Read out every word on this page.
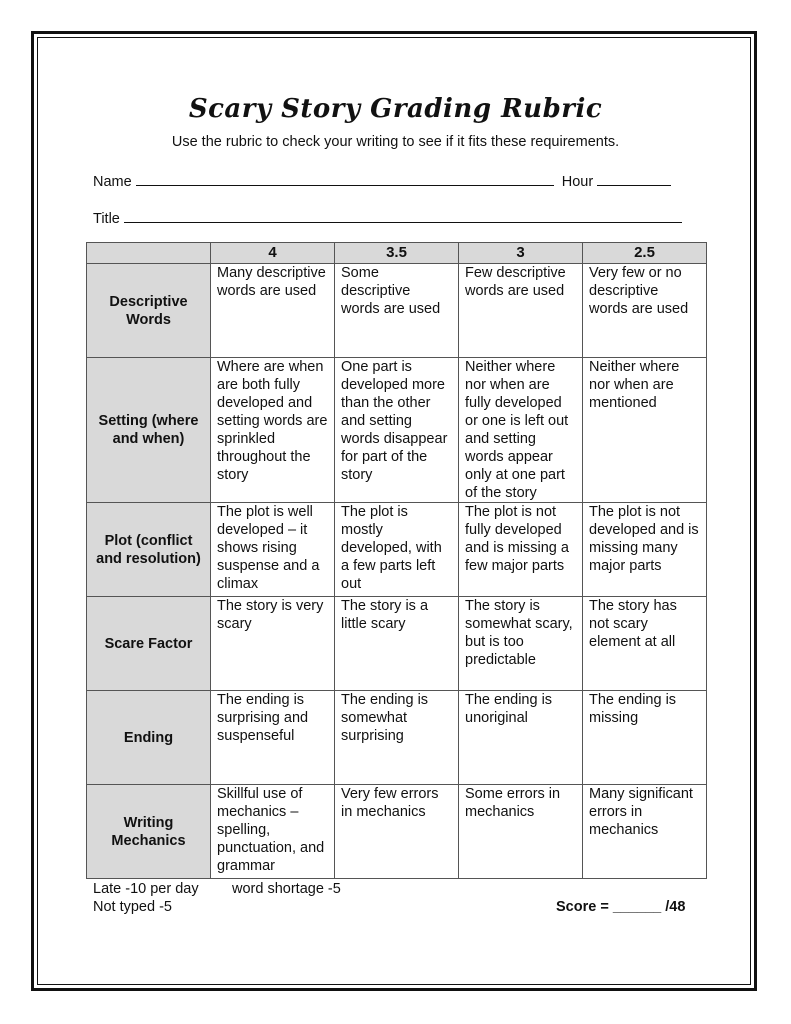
Scary Story Grading Rubric
Use the rubric to check your writing to see if it fits these requirements.
Name	Hour
Title
	4	3.5	3	2.5
Descriptive Words	Many descriptive words are used	Some descriptive words are used	Few descriptive words are used	Very few or no descriptive words are used
Setting (where and when)	Where are when are both fully developed and setting words are sprinkled throughout the story	One part is developed more than the other and setting words disappear for part of the story	Neither where nor when are fully developed or one is left out and setting words appear only at one part of the story	Neither where nor when are mentioned
Plot (conflict and resolution)	The plot is well developed – it shows rising suspense and a climax	The plot is mostly developed, with a few parts left out	The plot is not fully developed and is missing a few major parts	The plot is not developed and is missing many major parts
Scare Factor	The story is very scary	The story is a little scary	The story is somewhat scary, but is too predictable	The story has not scary element at all
Ending	The ending is surprising and suspenseful	The ending is somewhat surprising	The ending is unoriginal	The ending is missing
Writing Mechanics	Skillful use of mechanics – spelling, punctuation, and grammar	Very few errors in mechanics	Some errors in mechanics	Many significant errors in mechanics
Late -10 per day word shortage -5
Not typed -5	Score = ______ /48
